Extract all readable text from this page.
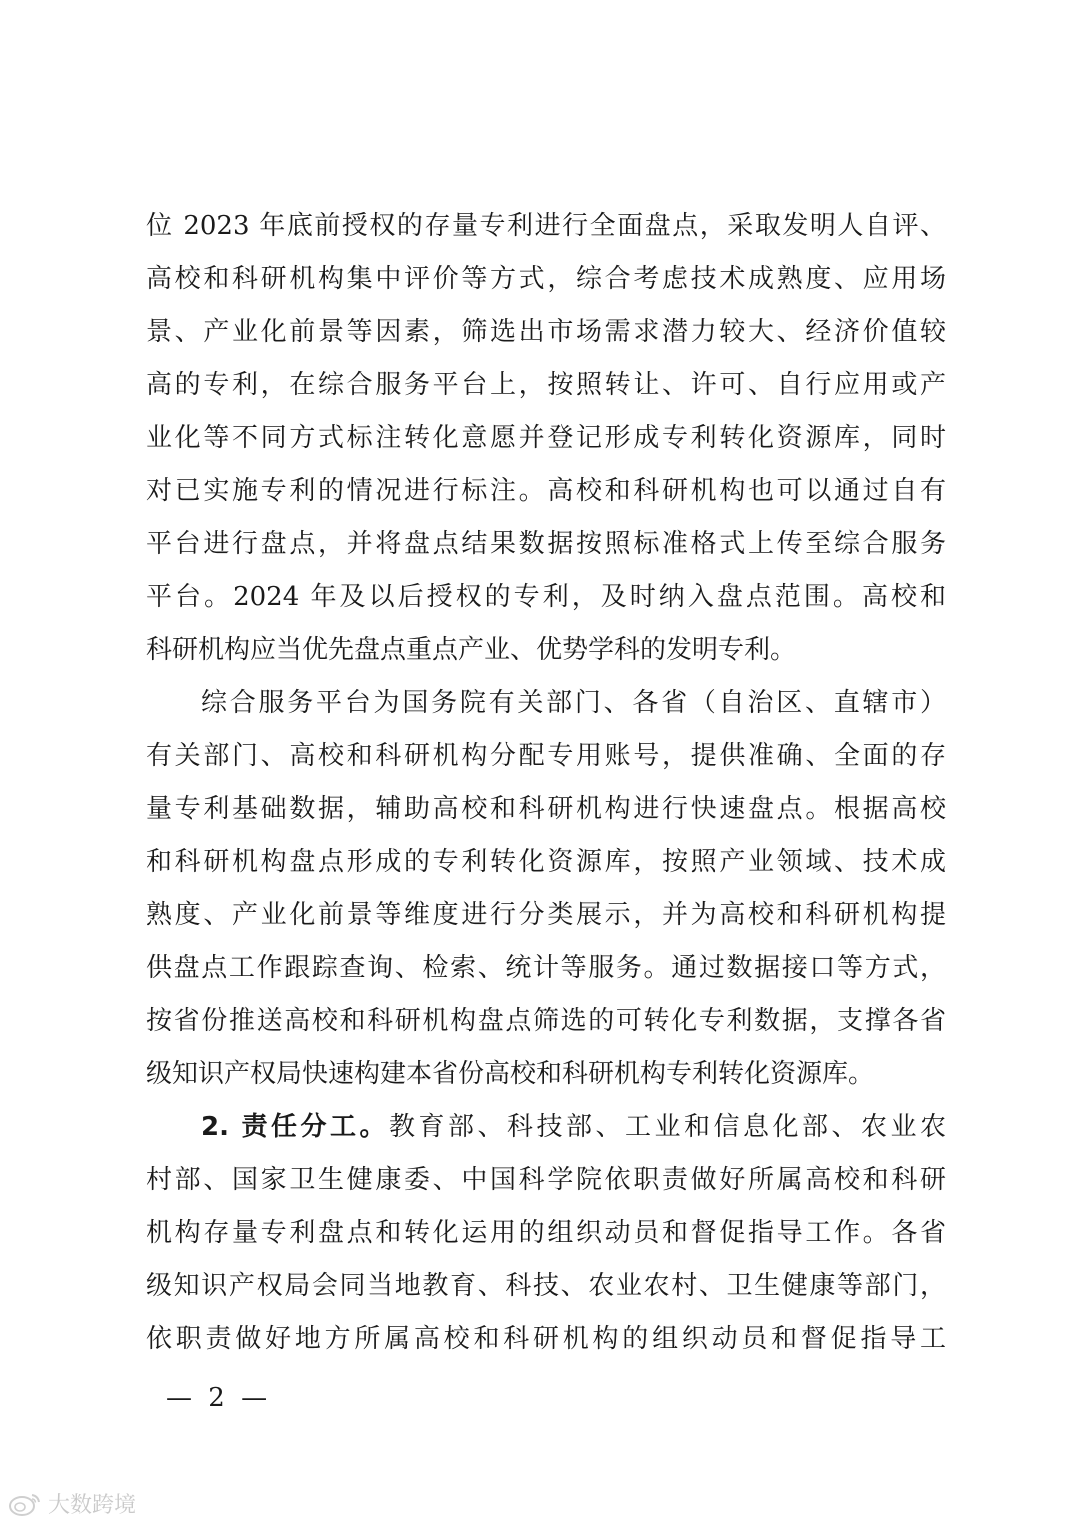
位 2023 年底前授权的存量专利进行全面盘点，采取发明人自评、
高校和科研机构集中评价等方式，综合考虑技术成熟度、应用场
景、产业化前景等因素，筛选出市场需求潜力较大、经济价值较
高的专利，在综合服务平台上，按照转让、许可、自行应用或产
业化等不同方式标注转化意愿并登记形成专利转化资源库，同时
对已实施专利的情况进行标注。高校和科研机构也可以通过自有
平台进行盘点，并将盘点结果数据按照标准格式上传至综合服务
平台。2024 年及以后授权的专利，及时纳入盘点范围。高校和
科研机构应当优先盘点重点产业、优势学科的发明专利。
综合服务平台为国务院有关部门、各省（自治区、直辖市）
有关部门、高校和科研机构分配专用账号，提供准确、全面的存
量专利基础数据，辅助高校和科研机构进行快速盘点。根据高校
和科研机构盘点形成的专利转化资源库，按照产业领域、技术成
熟度、产业化前景等维度进行分类展示，并为高校和科研机构提
供盘点工作跟踪查询、检索、统计等服务。通过数据接口等方式，
按省份推送高校和科研机构盘点筛选的可转化专利数据，支撑各省
级知识产权局快速构建本省份高校和科研机构专利转化资源库。
2. 责任分工。教育部、科技部、工业和信息化部、农业农
村部、国家卫生健康委、中国科学院依职责做好所属高校和科研
机构存量专利盘点和转化运用的组织动员和督促指导工作。各省
级知识产权局会同当地教育、科技、农业农村、卫生健康等部门，
依职责做好地方所属高校和科研机构的组织动员和督促指导工
— 2 —
大数跨境
